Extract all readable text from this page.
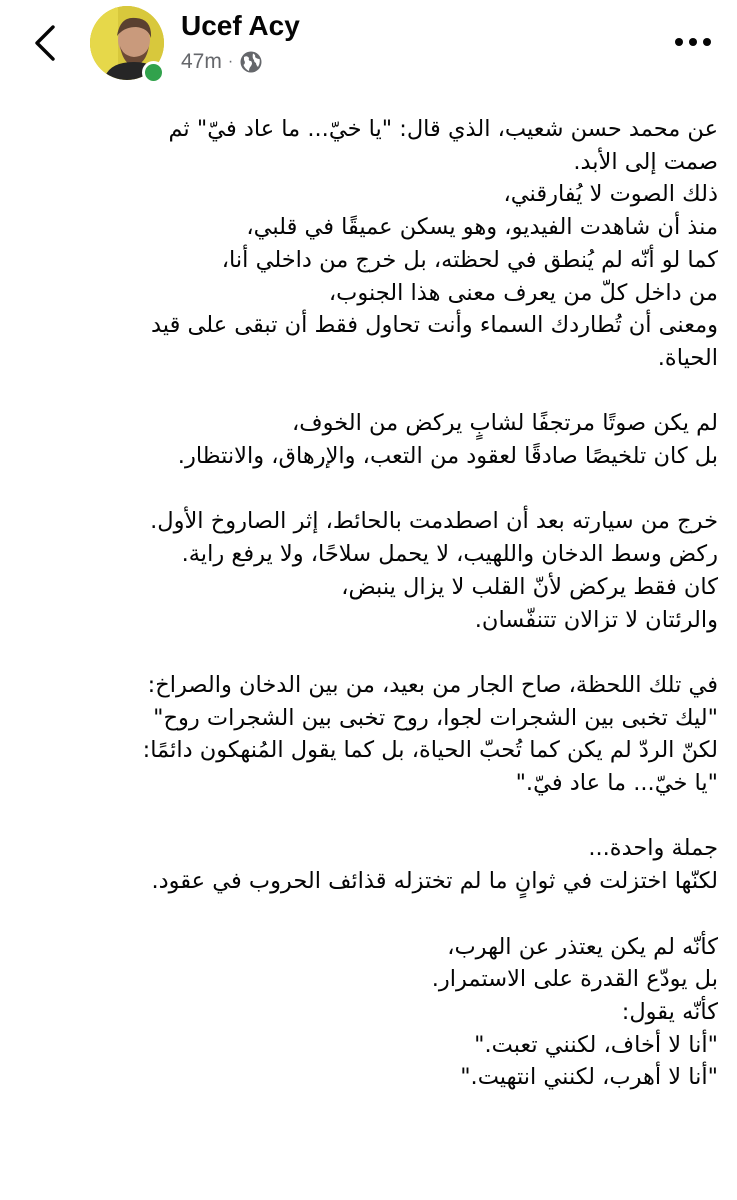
Ucef Acy
47m ·

عن محمد حسن شعيب، الذي قال: "يا خيّ... ما عاد فيّ" ثم
صمت إلى الأبد.
ذلك الصوت لا يُفارقني،
منذ أن شاهدت الفيديو، وهو يسكن عميقًا في قلبي،
كما لو أنّه لم يُنطق في لحظته، بل خرج من داخلي أنا،
من داخل كلّ من يعرف معنى هذا الجنوب،
ومعنى أن تُطاردك السماء وأنت تحاول فقط أن تبقى على قيد
الحياة.

لم يكن صوتًا مرتجفًا لشابٍ يركض من الخوف،
بل كان تلخيصًا صادقًا لعقود من التعب، والإرهاق، والانتظار.

خرج من سيارته بعد أن اصطدمت بالحائط، إثر الصاروخ الأول.
ركض وسط الدخان واللهيب، لا يحمل سلاحًا، ولا يرفع راية.
كان فقط يركض لأنّ القلب لا يزال ينبض،
والرئتان لا تزالان تتنفّسان.

في تلك اللحظة، صاح الجار من بعيد، من بين الدخان والصراخ:
"ليك تخبى بين الشجرات لجوا، روح تخبى بين الشجرات روح"
لكنّ الردّ لم يكن كما تُحبّ الحياة، بل كما يقول المُنهكون دائمًا:
"يا خيّ... ما عاد فيّ."

جملة واحدة...
لكنّها اختزلت في ثوانٍ ما لم تختزله قذائف الحروب في عقود.

كأنّه لم يكن يعتذر عن الهرب،
بل يودّع القدرة على الاستمرار.
كأنّه يقول:
"أنا لا أخاف، لكنني تعبت."
"أنا لا أهرب، لكنني انتهيت."
